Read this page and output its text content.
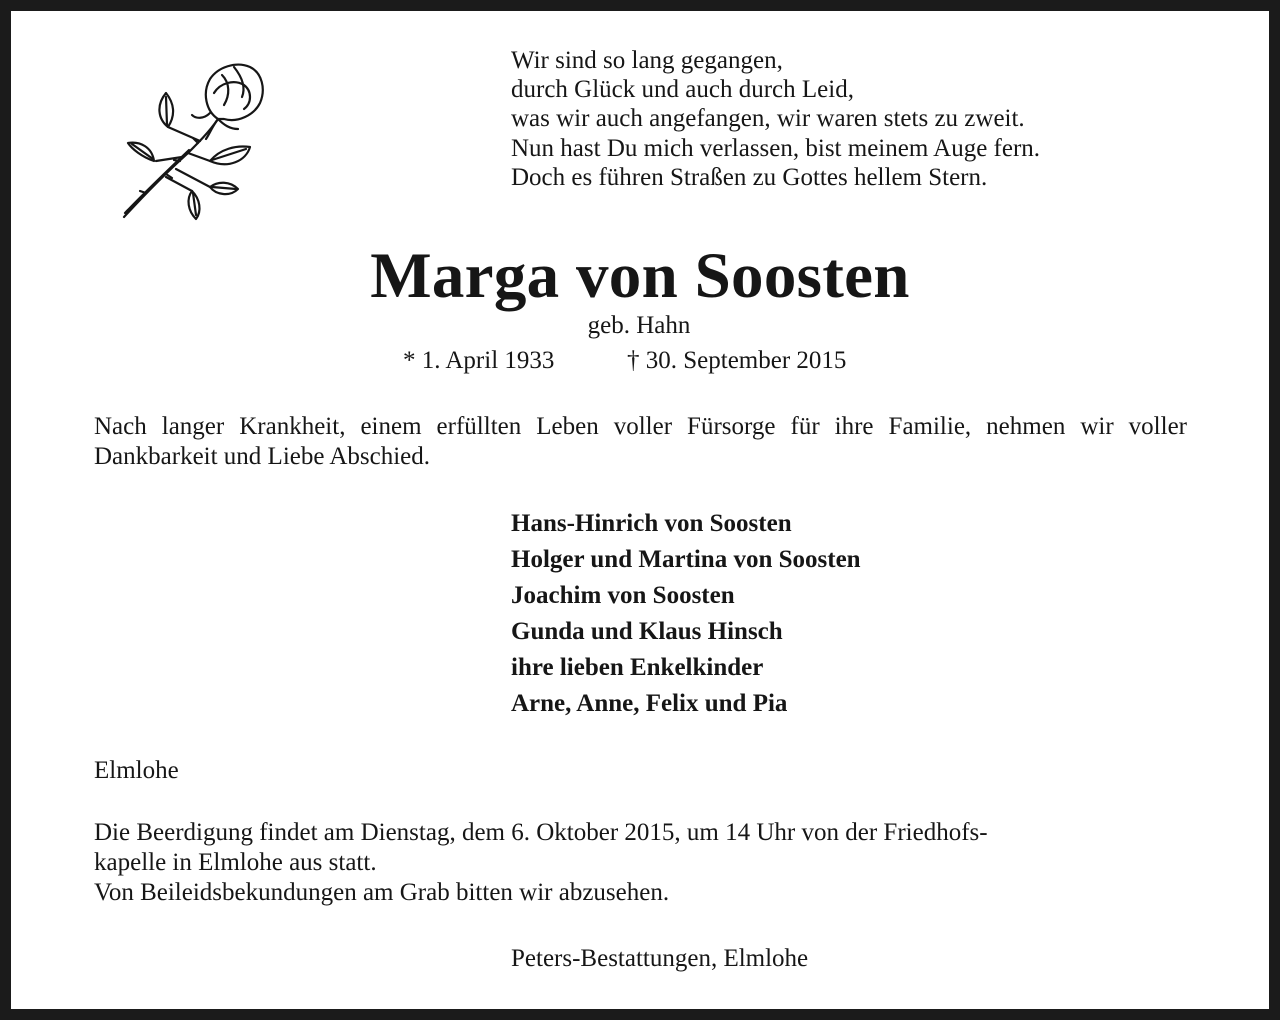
Wir sind so lang gegangen,
durch Glück und auch durch Leid,
was wir auch angefangen, wir waren stets zu zweit.
Nun hast Du mich verlassen, bist meinem Auge fern.
Doch es führen Straßen zu Gottes hellem Stern.
Marga von Soosten
geb. Hahn
* 1. April 1933	† 30. September 2015
Nach langer Krankheit, einem erfüllten Leben voller Fürsorge für ihre Familie, nehmen wir voller Dankbarkeit und Liebe Abschied.
Hans-Hinrich von Soosten
Holger und Martina von Soosten
Joachim von Soosten
Gunda und Klaus Hinsch
ihre lieben Enkelkinder
Arne, Anne, Felix und Pia
Elmlohe
Die Beerdigung findet am Dienstag, dem 6. Oktober 2015, um 14 Uhr von der Friedhofs-
kapelle in Elmlohe aus statt.
Von Beileidsbekundungen am Grab bitten wir abzusehen.
Peters-Bestattungen, Elmlohe
